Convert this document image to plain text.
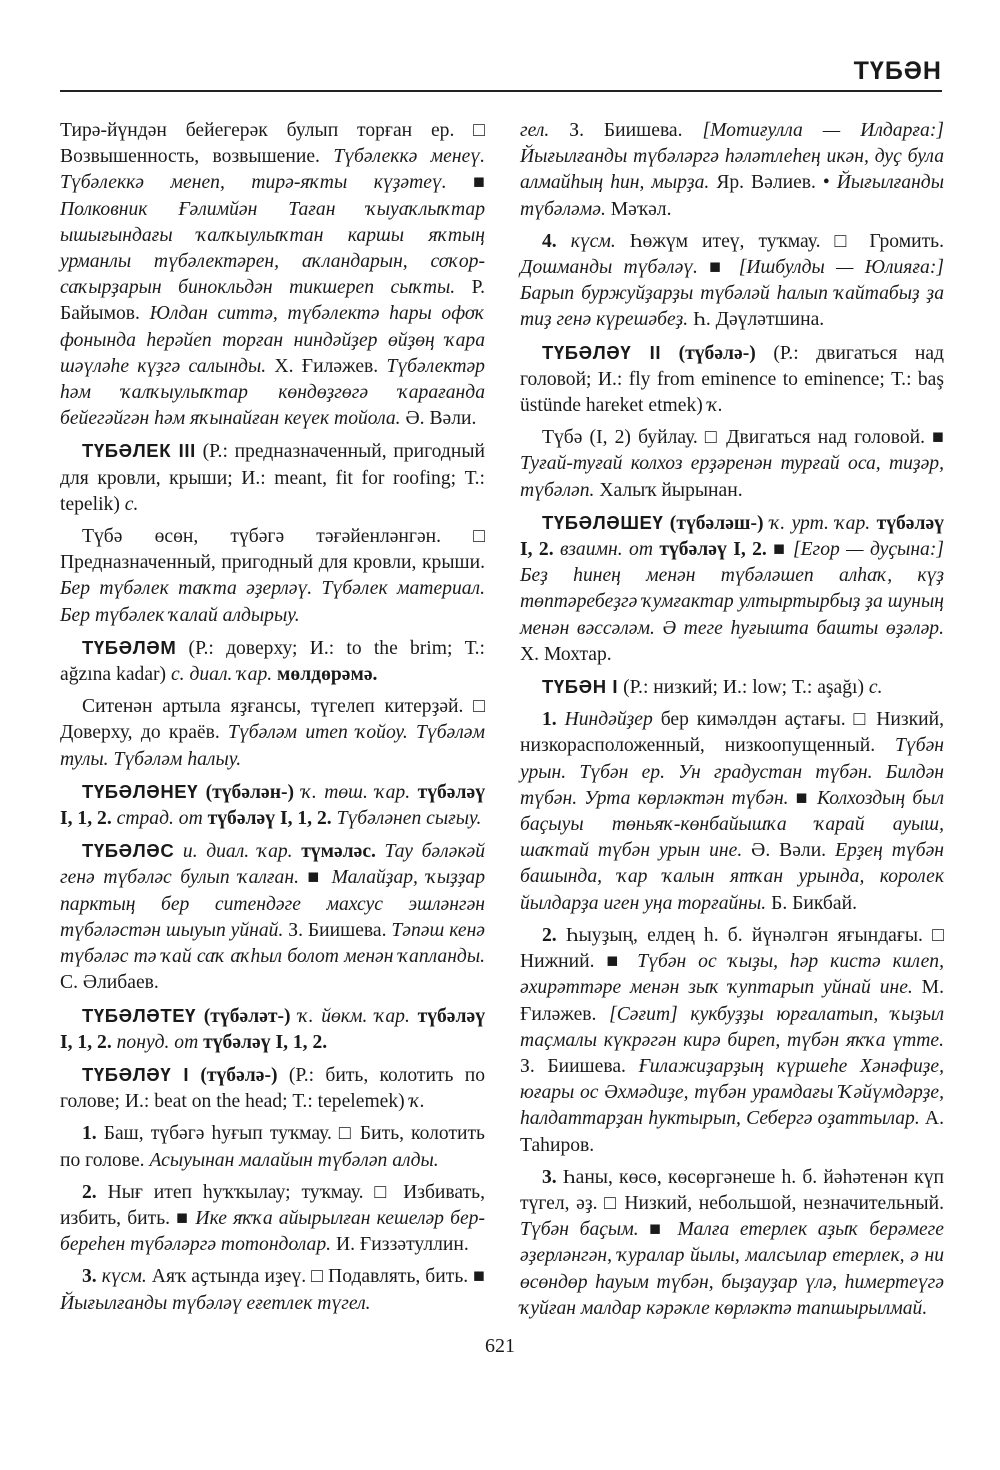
ТҮБӘН

Тирә-йүндән бейегерәк булып торған ер. □ Возвышенность, возвышение. Түбәлеккә менеү. Түбәлеккә менеп, тирә-яҡты күҙәтеү. ■ Полковник Ғәлимйән Таған ҡыуаҡлыҡтар ышығындағы ҡалҡыулыҡтан каршы яҡтың урманлы түбәлектәрен, аҡландарын, соҡор-саҡырҙарын бинокльдән тикшереп сыҡты. Р. Байымов. Юлдан ситтә, түбәлектә һары офоҡ фонында һерәйеп торған ниндәйҙер өйҙөң ҡара шәүләһе күҙгә салынды. Х. Ғиләжев. Түбәлектәр һәм ҡалҡыулыҡтар көндөҙгөгә ҡарағанда бейегәйгән һәм яҡынайған кеүек тойола. Ә. Вәли.

ТҮБӘЛЕК III (Р.: предназначенный, пригодный для кровли, крыши; И.: meant, fit for roofing; Т.: tepelik) с.

Түбә өсөн, түбәгә тәғәйенләнгән. □ Предназначенный, пригодный для кровли, крыши. Бер түбәлек таҡта әҙерләү. Түбәлек материал. Бер түбәлек ҡалай алдырыу.

ТҮБӘЛӘМ (Р.: доверху; И.: to the brim; Т.: ağzına kadar) с. диал. ҡар. мөлдөрәмә.

Ситенән артыла яҙғансы, түгелеп китерҙәй. □ Доверху, до краёв. Түбәләм итеп ҡойоу. Түбәләм тулы. Түбәләм һалыу.

ТҮБӘЛӘНЕҮ (түбәлән-) ҡ. төш. ҡар. түбәләү I, 1, 2. страд. от түбәләү I, 1, 2. Түбәләнеп сығыу.

ТҮБӘЛӘС и. диал. ҡар. түмәләс. Тау бәләкәй генә түбәләс булып ҡалған. ■ Малайҙар, ҡыҙҙар парктың бер ситендәге махсус эшләнгән түбәләстән шыуып уйнай. З. Биишева. Тәпәш кенә түбәләс тә ҡай саҡ аҡһыл болот менән ҡапланды. С. Әлибаев.

ТҮБӘЛӘТЕҮ (түбәләт-) ҡ. йөкм. ҡар. түбәләү I, 1, 2. понуд. от түбәләү I, 1, 2.

ТҮБӘЛӘҮ I (түбәлә-) (Р.: бить, колотить по голове; И.: beat on the head; Т.: tepelemek) ҡ.

1. Баш, түбәгә һуғып туҡмау. □ Бить, колотить по голове. Асыуынан малайын түбәләп алды.

2. Нығ итеп һуҡҡылау; туҡмау. □ Избивать, избить, бить. ■ Ике яҡҡа айырылған кешеләр бер-береһен түбәләргә тотондолар. И. Ғиззәтуллин.

3. күсм. Аяҡ аҫтында иҙеү. □ Подавлять, бить. ■ Йығылғанды түбәләү еғетлек түгел.

гел. З. Биишева. [Мотиғулла — Илдарға:] Йығылғанды түбәләргә һәләтлеһең икән, дуҫ була алмайһың һин, мырҙа. Яр. Вәлиев. • Йығылғанды түбәләмә. Мәҡәл.

4. күсм. Һөжүм итеү, туҡмау. □ Громить. Дошманды түбәләү. ■ [Ишбулды — Юлияға:] Барып буржуйҙарҙы түбәләй һалып ҡайтабыҙ ҙа тиҙ генә күрешәбеҙ. Һ. Дәүләтшина.

ТҮБӘЛӘҮ II (түбәлә-) (Р.: двигаться над головой; И.: fly from eminence to eminence; Т.: baş üstünde hareket etmek) ҡ.

Түбә (I, 2) буйлау. □ Двигаться над головой. ■ Туғай-туғай колхоз ерҙәренән турғай оса, тиҙәр, түбәләп. Халыҡ йырынан.

ТҮБӘЛӘШЕҮ (түбәләш-) ҡ. урт. ҡар. түбәләү I, 2. взаимн. от түбәләү I, 2. ■ [Егор — дуҫына:] Беҙ һинең менән түбәләшеп алһаҡ, күҙ төптәребеҙгә ҡумғактар ултыртырбыҙ ҙа шуның менән вәссәләм. Ә теге һуғышта башты өҙәләр. Х. Мохтар.

ТҮБӘН I (Р.: низкий; И.: low; Т.: aşağı) с.

1. Ниндәйҙер бер кимәлдән аҫтағы. □ Низкий, низкорасположенный, низкоопущенный. Түбән урын. Түбән ер. Ун градустан түбән. Билдән түбән. Урта көрләктән түбән. ■ Колхоздың был баҫыуы төньяҡ-көнбайышҡа ҡарай ауыш, шаҡтай түбән урын ине. Ә. Вәли. Ерҙең түбән башында, ҡар ҡалын ятҡан урында, королек йылдарҙа иген уңа торғайны. Б. Бикбай.

2. Һыуҙың, елдең һ. б. йүнәлгән яғындағы. □ Нижний. ■ Түбән ос ҡыҙы, һәр кистә килеп, әхирәттәре менән зыҡ ҡуптарып уйнай ине. М. Ғиләжев. [Сәғит] кукбуҙҙы юрғалатып, ҡыҙыл таҫмалы күкрәгән кирә биреп, түбән яҡҡа үтте. З. Биишева. Ғилажиҙарҙың күршеһе Хәнәфиҙе, юғары ос Әхмәдиҙе, түбән урамдағы Ҡәйүмдәрҙе, һалдаттарҙан һуктырып, Себергә оҙаттылар. А. Таһиров.

3. Һаны, көсө, көсөргәнеше һ. б. йәһәтенән күп түгел, әҙ. □ Низкий, небольшой, незначительный. Түбән баҫым. ■ Малға етерлек аҙыҡ берәмеге әҙерләнгән, ҡуралар йылы, малсылар етерлек, ә ни өсөндөр һауым түбән, быҙауҙар үлә, һимертеүгә ҡуйған малдар кәрәкле көрләктә тапшырылмай.

621
